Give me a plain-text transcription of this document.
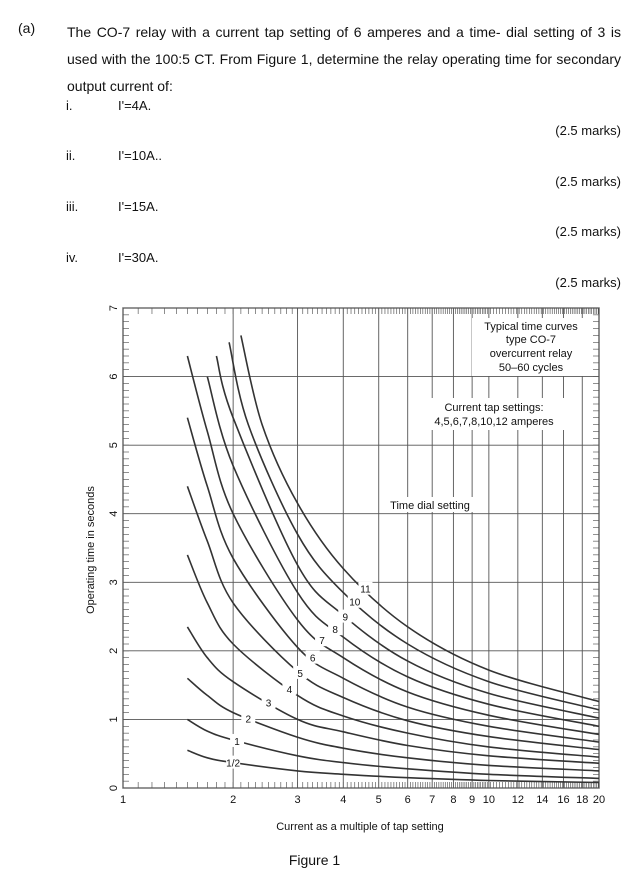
(a) The CO-7 relay with a current tap setting of 6 amperes and a time- dial setting of 3 is used with the 100:5 CT. From Figure 1, determine the relay operating time for secondary output current of:

i.	I'=4A.
(2.5 marks)
ii.	I'=10A..
(2.5 marks)
iii.	I'=15A.
(2.5 marks)
iv.	I'=30A.
(2.5 marks)
1	2	3	4	5 6 7 8 9 10 12 14 16 18 20
0
1
2
3
4
5
6
7
1/2
1
2
3
4
5
6
7
8
9
10
11
Typical time curves
type CO-7
overcurrent relay
50–60 cycles
Current tap settings:
4,5,6,7,8,10,12 amperes
Time dial setting
Current as a multiple of tap setting
Operating time in seconds
Figure 1
